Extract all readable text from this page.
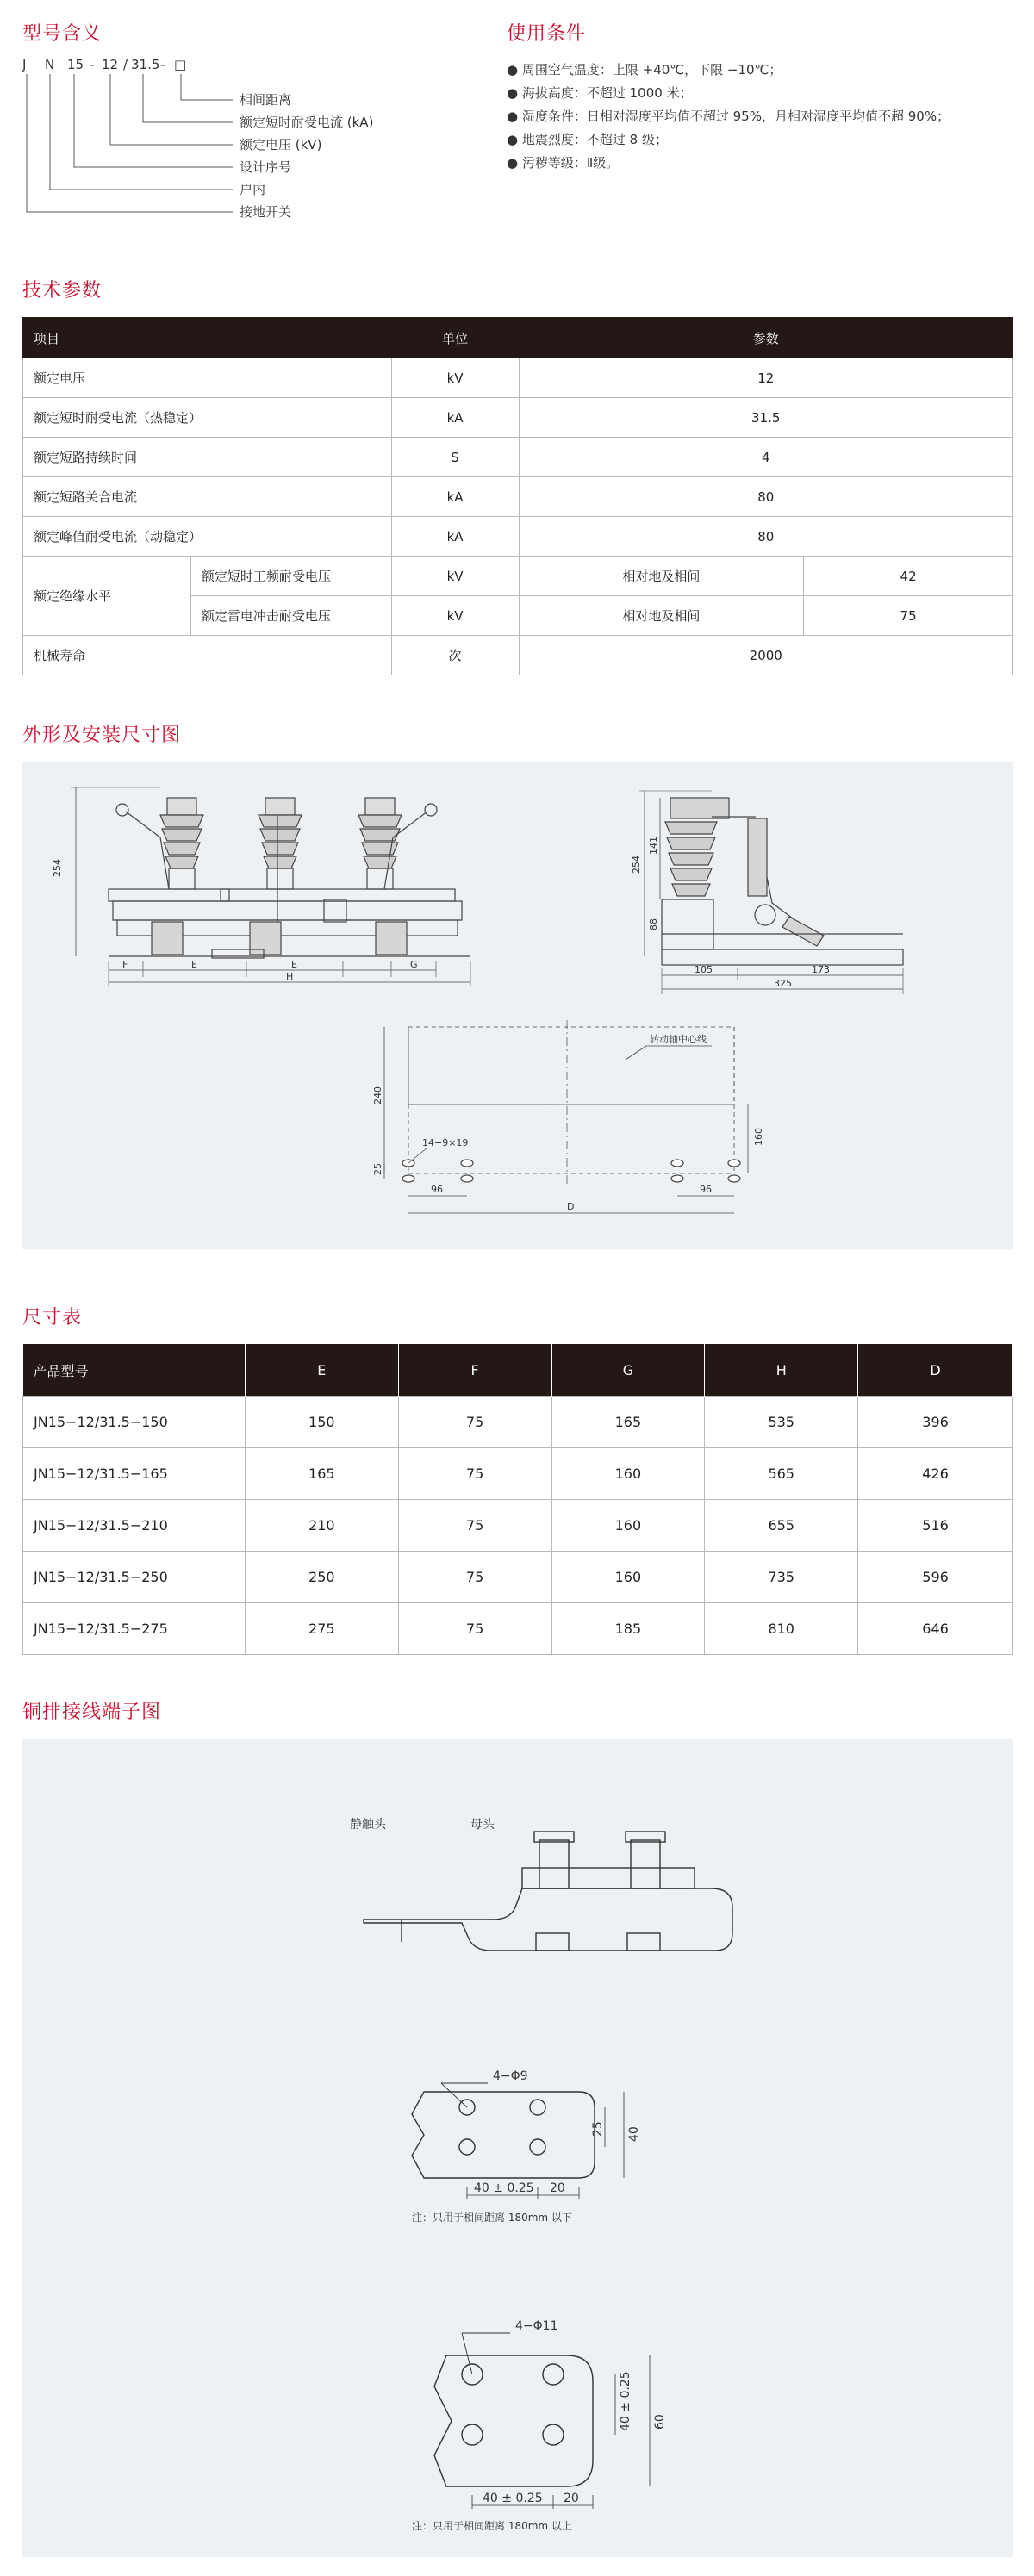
型号含义
J N 15 - 12 / 31.5 - □
相间距离
额定短时耐受电流 (kA)
额定电压 (kV)
设计序号
户内
接地开关
使用条件
● 周围空气温度：上限 +40℃，下限 −10℃；
● 海拔高度：不超过 1000 米；
● 湿度条件：日相对湿度平均值不超过 95%，月相对湿度平均值不超 90%；
● 地震烈度：不超过 8 级；
● 污秽等级：Ⅱ级。
技术参数
项目		单位	参数	
额定电压		kV	12	
额定短时耐受电流（热稳定）		kA	31.5	
额定短路持续时间		S	4	
额定短路关合电流		kA	80	
额定峰值耐受电流（动稳定）		kA	80	
额定绝缘水平	额定短时工频耐受电压	kV	相对地及相间	42
	额定雷电冲击耐受电压	kV	相对地及相间	75
机械寿命		次	2000	
外形及安装尺寸图
254
F	E	E	G
H
254
141
88
105	173
325
转动轴中心线
240
160
25
14−9×19
96	96
D
尺寸表
产品型号	E	F	G	H	D
JN15−12/31.5−150	150	75	165	535	396
JN15−12/31.5−165	165	75	160	565	426
JN15−12/31.5−210	210	75	160	655	516
JN15−12/31.5−250	250	75	160	735	596
JN15−12/31.5−275	275	75	185	810	646
铜排接线端子图
静触头	母头
4−Φ9
40 ± 0.25 20
25 40
注：只用于相间距离 180mm 以下
4−Φ11
40 ± 0.25 20
40 ± 0.25 60
注：只用于相间距离 180mm 以上
